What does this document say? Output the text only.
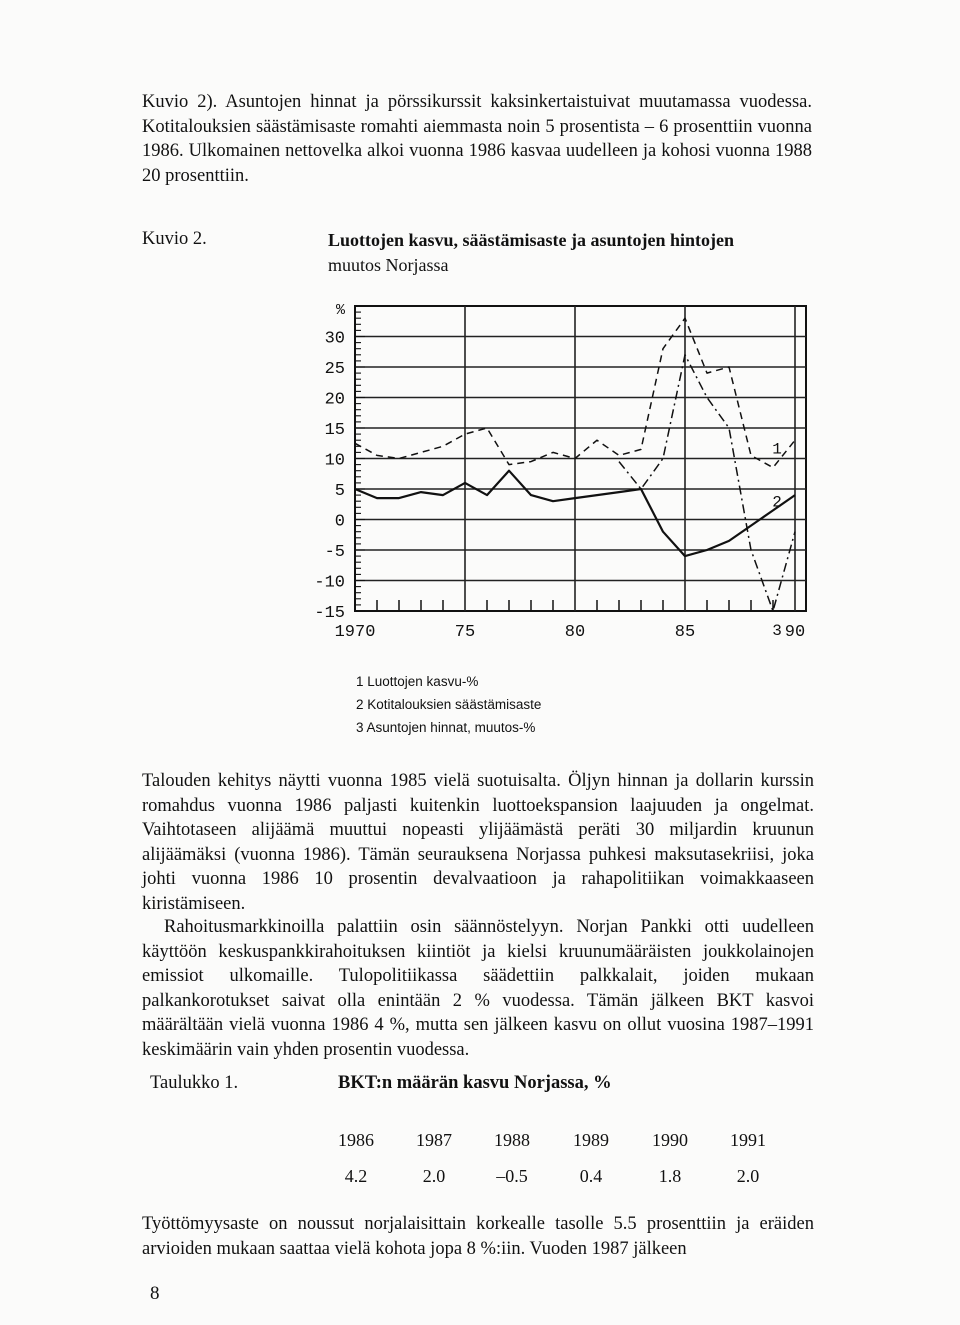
Kuvio 2). Asuntojen hinnat ja pörssikurssit kaksinkertaistuivat muutamassa vuodessa. Kotitalouksien säästämisaste romahti aiemmasta noin 5 prosentista – 6 prosenttiin vuonna 1986. Ulkomainen nettovelka alkoi vuonna 1986 kasvaa uudelleen ja kohosi vuonna 1988 20 prosenttiin.

Kuvio 2.	Luottojen kasvu, säästämisaste ja asuntojen hintojen
muutos Norjassa
30
25
20
15
10
5
0
-5
-10
-15
%
1970	75	80	85	90
1
2
3
1 Luottojen kasvu-%
2 Kotitalouksien säästämisaste
3 Asuntojen hinnat, muutos-%

Talouden kehitys näytti vuonna 1985 vielä suotuisalta. Öljyn hinnan ja dollarin kurssin romahdus vuonna 1986 paljasti kuitenkin luottoekspansion laajuuden ja ongelmat. Vaihtotaseen alijäämä muuttui nopeasti ylijäämästä peräti 30 miljardin kruunun alijäämäksi (vuonna 1986). Tämän seurauksena Norjassa puhkesi maksutasekriisi, joka johti vuonna 1986 10 prosentin devalvaatioon ja rahapolitiikan voimakkaaseen kiristämiseen.

Rahoitusmarkkinoilla palattiin osin säännöstelyyn. Norjan Pankki otti uudelleen käyttöön keskuspankkirahoituksen kiintiöt ja kielsi kruunumääräisten joukkolainojen emissiot ulkomaille. Tulopolitiikassa säädettiin palkkalait, joiden mukaan palkankorotukset saivat olla enintään 2 % vuodessa. Tämän jälkeen BKT kasvoi määrältään vielä vuonna 1986 4 %, mutta sen jälkeen kasvu on ollut vuosina 1987–1991 keskimäärin vain yhden prosentin vuodessa.

Taulukko 1.	BKT:n määrän kasvu Norjassa, %
1986	1987	1988	1989	1990	1991
4.2	2.0	–0.5	0.4	1.8	2.0

Työttömyysaste on noussut norjalaisittain korkealle tasolle 5.5 prosenttiin ja eräiden arvioiden mukaan saattaa vielä kohota jopa 8 %:iin. Vuoden 1987 jälkeen

8
